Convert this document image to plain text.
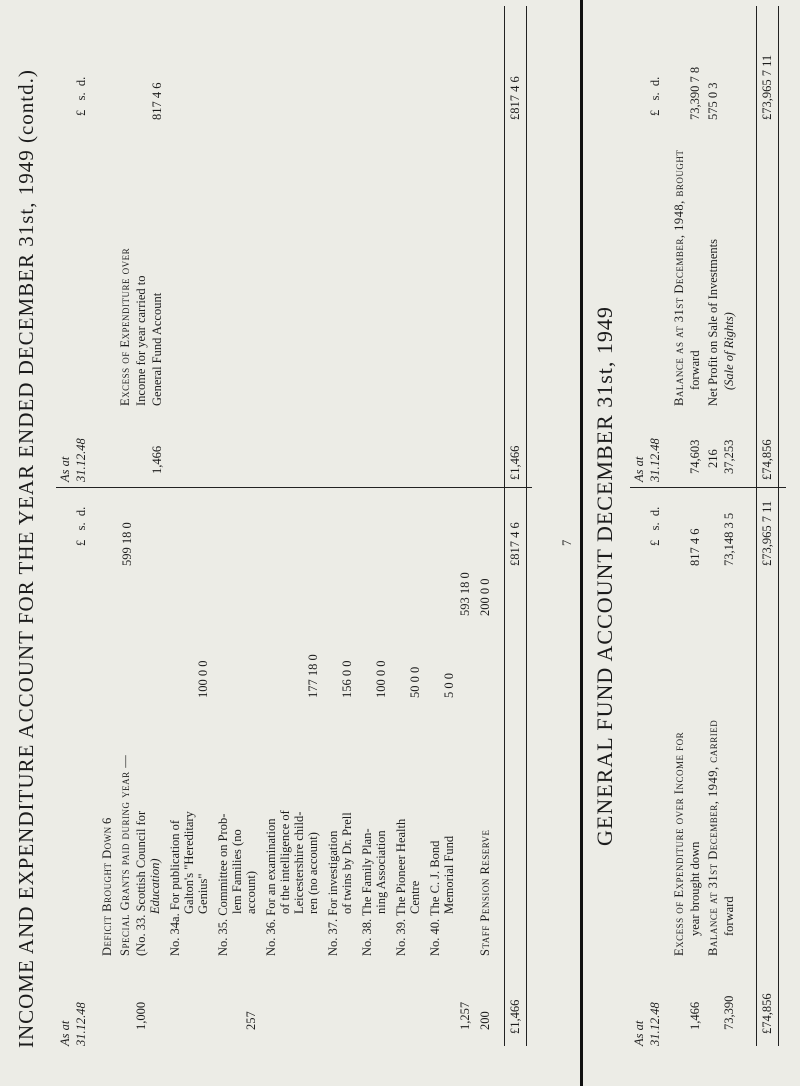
INCOME AND EXPENDITURE ACCOUNT FOR THE YEAR ENDED DECEMBER 31st, 1949 (contd.) As at 31.12.48
£   s.  d.
£   s.  d.
Deficit Brought Down
6 Special Grants paid during year —
1,000
(No. 33. Scottish Council for Education) No. 34a. For publication of Galton's "Hereditary Genius"
100 0 0
No. 35. Committee on Prob- lem Families (no account)
257
No. 36. For an examination of the intelligence of Leicestershire child- ren (no account)
177 18 0
No. 37. For investigation of twins by Dr. Prell
156 0 0
No. 38. The Family Plan- ning Association
100 0 0
No. 39. The Pioneer Health Centre
50 0 0
No. 40. The C. J. Bond Memorial Fund
5 0 0
1,257
593 18 0
Staff Pension Reserve
200
200 0 0
599 18 0
£1,466
£817 4 6
As at 31.12.48
Excess of Expenditure over Income for year carried to General Fund Account
1,466
817 4 6
£1,466
£817 4 6
7 GENERAL FUND ACCOUNT DECEMBER 31st, 1949
As at 31.12.48
£   s.  d.
£   s.  d.
Excess of Expenditure over Income for year brought down
1,466
817 4 6
Balance at 31st December, 1949, carried forward
73,390
73,148 3 5
£74,856
£73,965 7 11
As at 31.12.48
Balance as at 31st December, 1948, brought forward
74,603
73,390 7 8
Net Profit on Sale of Investments (Sale of Rights)
216 37,253
575 0 3
£74,856
£73,965 7 11
